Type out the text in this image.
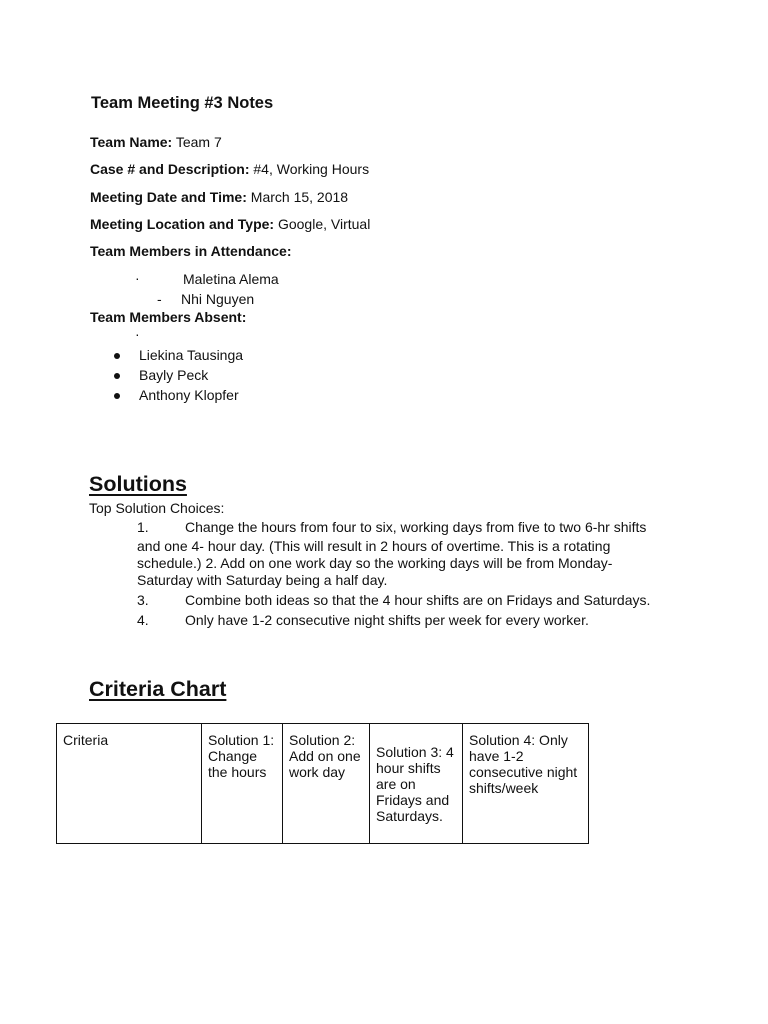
Team Meeting #3 Notes
Team Name: Team 7
Case # and Description: #4, Working Hours
Meeting Date and Time: March 15, 2018
Meeting Location and Type: Google, Virtual
Team Members in Attendance:
·	Maletina Alema
- Nhi Nguyen
Team Members Absent:
·
Liekina Tausinga
Bayly Peck
Anthony Klopfer
Solutions
Top Solution Choices:
1.	Change the hours from four to six, working days from five to two 6-hr shifts
and one 4- hour day. (This will result in 2 hours of overtime. This is a rotating
schedule.) 2. Add on one work day so the working days will be from Monday-
Saturday with Saturday being a half day.
3.	Combine both ideas so that the 4 hour shifts are on Fridays and Saturdays.
4.	Only have 1-2 consecutive night shifts per week for every worker.
Criteria Chart
Criteria	Solution 1: Change the hours	Solution 2: Add on one work day	Solution 3: 4 hour shifts are on Fridays and Saturdays.	Solution 4: Only have 1-2 consecutive night shifts/week
